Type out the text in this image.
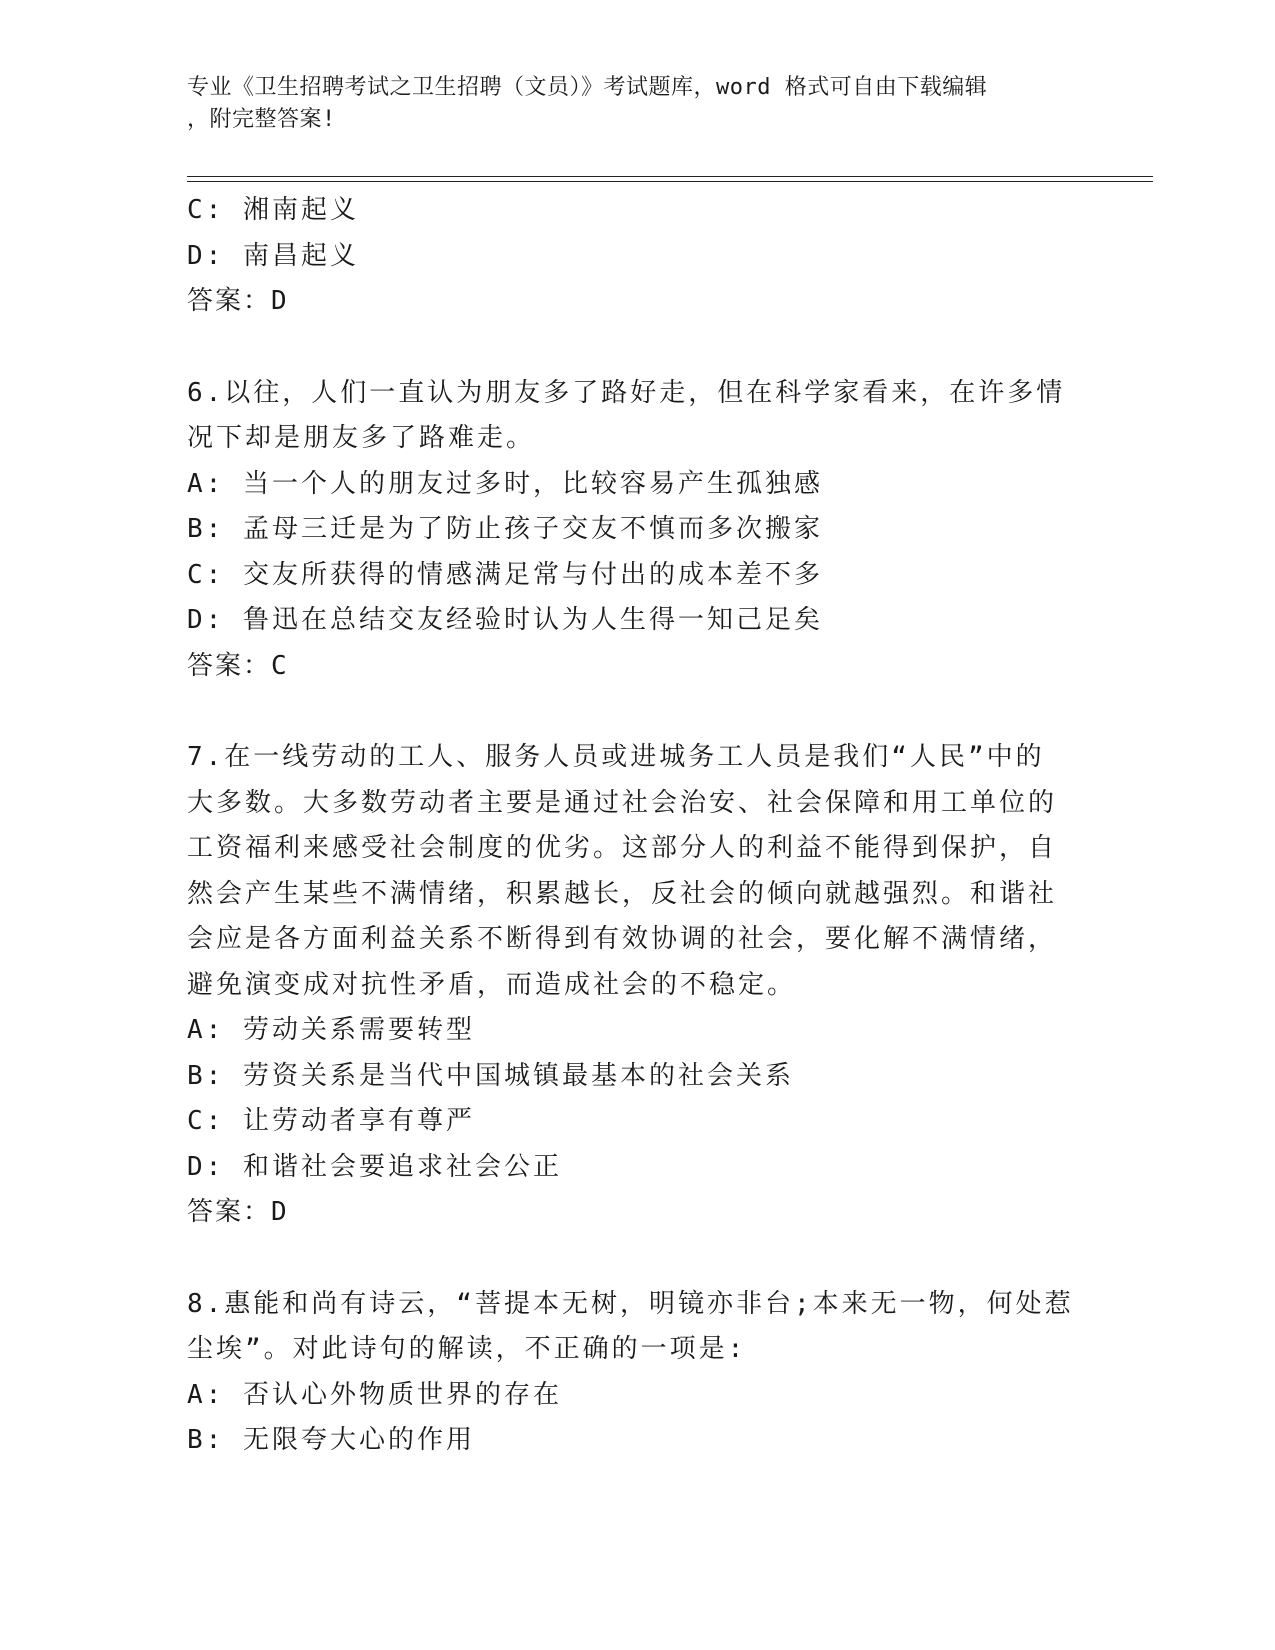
专业《卫生招聘考试之卫生招聘（文员）》考试题库，word 格式可自由下载编辑
，附完整答案!
C: 湘南起义
D: 南昌起义
答案：D
6.以往，人们一直认为朋友多了路好走，但在科学家看来，在许多情
况下却是朋友多了路难走。
A: 当一个人的朋友过多时，比较容易产生孤独感
B: 孟母三迁是为了防止孩子交友不慎而多次搬家
C: 交友所获得的情感满足常与付出的成本差不多
D: 鲁迅在总结交友经验时认为人生得一知己足矣
答案：C
7.在一线劳动的工人、服务人员或进城务工人员是我们“人民”中的
大多数。大多数劳动者主要是通过社会治安、社会保障和用工单位的
工资福利来感受社会制度的优劣。这部分人的利益不能得到保护，自
然会产生某些不满情绪，积累越长，反社会的倾向就越强烈。和谐社
会应是各方面利益关系不断得到有效协调的社会，要化解不满情绪，
避免演变成对抗性矛盾，而造成社会的不稳定。
A: 劳动关系需要转型
B: 劳资关系是当代中国城镇最基本的社会关系
C: 让劳动者享有尊严
D: 和谐社会要追求社会公正
答案：D
8.惠能和尚有诗云，“菩提本无树，明镜亦非台;本来无一物，何处惹
尘埃”。对此诗句的解读，不正确的一项是:
A: 否认心外物质世界的存在
B: 无限夸大心的作用
